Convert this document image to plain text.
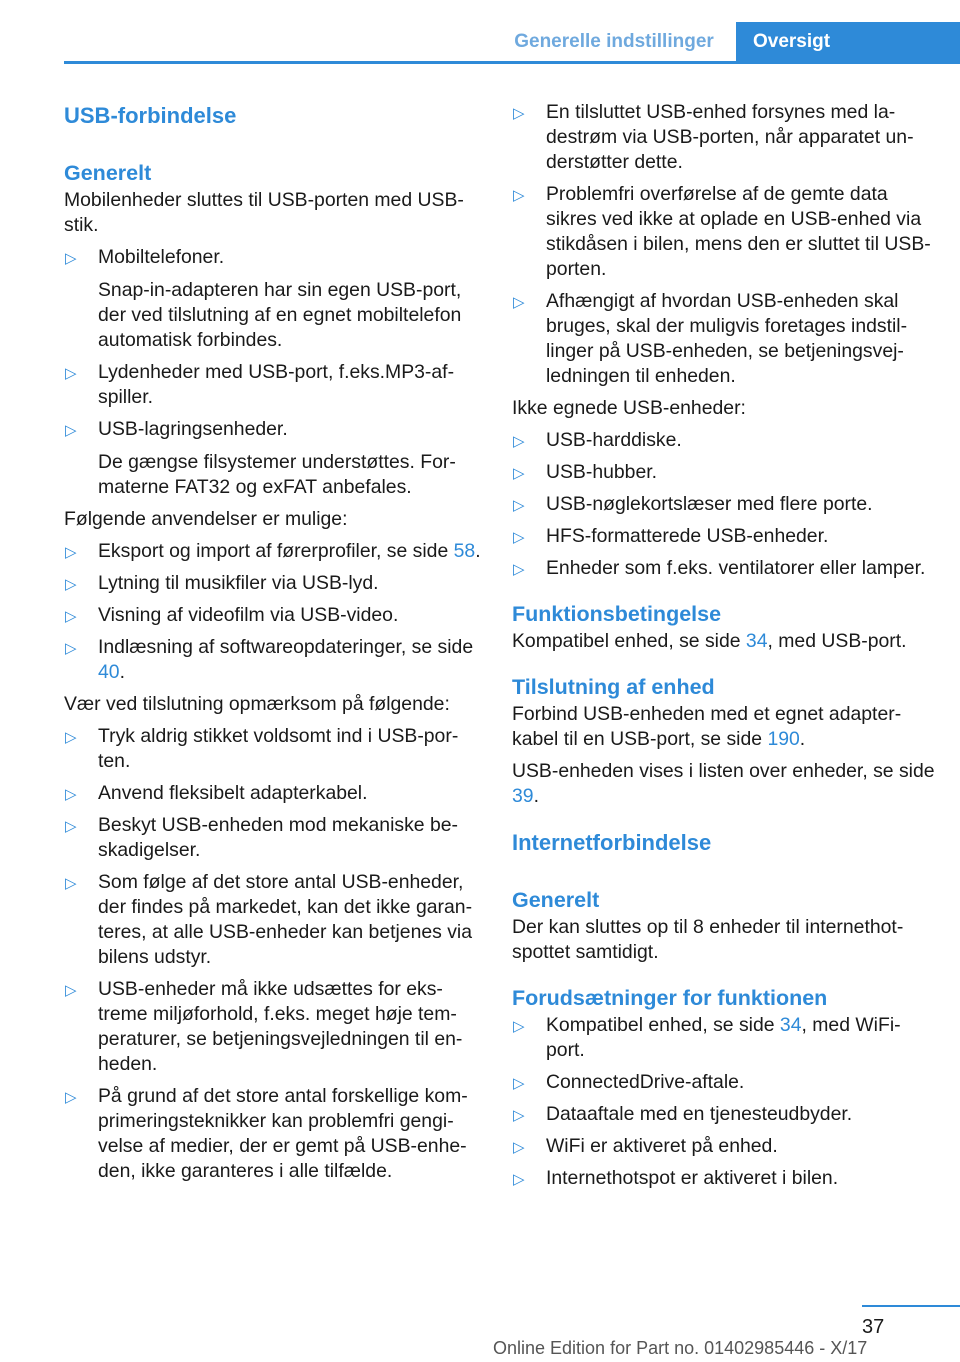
Generelle indstillinger	Oversigt
USB-forbindelse
Generelt

Mobilenheder sluttes til USB-porten med USB-stik.

▷ Mobiltelefoner.
Snap-in-adapteren har sin egen USB-port, der ved tilslutning af en egnet mobiltelefon automatisk forbindes.
▷ Lydenheder med USB-port, f.eks.MP3-afspiller.
▷ USB-lagringsenheder.
De gængse filsystemer understøttes. Formaterne FAT32 og exFAT anbefales.

Følgende anvendelser er mulige:

▷ Eksport og import af førerprofiler, se side 58.
▷ Lytning til musikfiler via USB-lyd.
▷ Visning af videofilm via USB-video.
▷ Indlæsning af softwareopdateringer, se side 40.

Vær ved tilslutning opmærksom på følgende:

▷ Tryk aldrig stikket voldsomt ind i USB-porten.
▷ Anvend fleksibelt adapterkabel.
▷ Beskyt USB-enheden mod mekaniske beskadigelser.
▷ Som følge af det store antal USB-enheder, der findes på markedet, kan det ikke garanteres, at alle USB-enheder kan betjenes via bilens udstyr.
▷ USB-enheder må ikke udsættes for ekstreme miljøforhold, f.eks. meget høje temperaturer, se betjeningsvejledningen til enheden.
▷ På grund af det store antal forskellige komprimeringsteknikker kan problemfri gengivelse af medier, der er gemt på USB-enheden, ikke garanteres i alle tilfælde.
▷ En tilsluttet USB-enhed forsynes med ladestrøm via USB-porten, når apparatet understøtter dette.
▷ Problemfri overførelse af de gemte data sikres ved ikke at oplade en USB-enhed via stikdåsen i bilen, mens den er sluttet til USB-porten.
▷ Afhængigt af hvordan USB-enheden skal bruges, skal der muligvis foretages indstillinger på USB-enheden, se betjeningsvejledningen til enheden.

Ikke egnede USB-enheder:

▷ USB-harddiske.
▷ USB-hubber.
▷ USB-nøglekortslæser med flere porte.
▷ HFS-formatterede USB-enheder.
▷ Enheder som f.eks. ventilatorer eller lamper.
Funktionsbetingelse

Kompatibel enhed, se side 34, med USB-port.

Tilslutning af enhed

Forbind USB-enheden med et egnet adapterkabel til en USB-port, se side 190.

USB-enheden vises i listen over enheder, se side 39.

Internetforbindelse
Generelt

Der kan sluttes op til 8 enheder til internethotspottet samtidigt.

Forudsætninger for funktionen
▷ Kompatibel enhed, se side 34, med WiFi-port.
▷ ConnectedDrive-aftale.
▷ Dataaftale med en tjenesteudbyder.
▷ WiFi er aktiveret på enhed.
▷ Internethotspot er aktiveret i bilen.
37
Online Edition for Part no. 01402985446 - X/17
